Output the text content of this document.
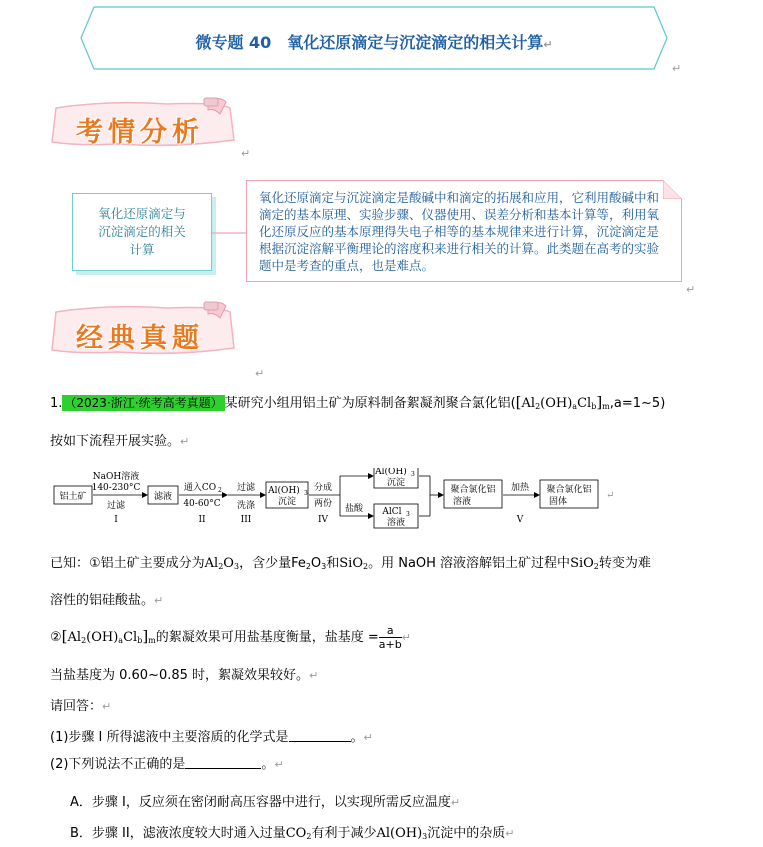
微专题 40　氧化还原滴定与沉淀滴定的相关计算↵
↵
考情分析
↵
氧化还原滴定与
沉淀滴定的相关
计算
氧化还原滴定与沉淀滴定是酸碱中和滴定的拓展和应用，它利用酸碱中和滴定的基本原理、实验步骤、仪器使用、误差分析和基本计算等，利用氧化还原反应的基本原理得失电子相等的基本规律来进行计算，沉淀滴定是根据沉淀溶解平衡理论的溶度积来进行相关的计算。此类题在高考的实验题中是考查的重点，也是难点。
↵
经典真题
↵
1. （2023·浙江·统考高考真题） 某研究小组用铝土矿为原料制备絮凝剂聚合氯化铝$([Al_2(OH)_aCl_b]_m,a=1\sim 5)$
按如下流程开展实验。↵
铝土矿
NaOH溶液
140-230°C
过滤
I
滤液
通入CO 2
40-60°C
II
过滤
洗涤
III
Al(OH) 3
沉淀
分成
两份
IV
盐酸
Al(OH) 3
沉淀
AlCl 3
溶液
聚合氯化铝
溶液
加热
V
聚合氯化铝
固体
↵
已知：①铝土矿主要成分为$Al_2O_3$，含少量$Fe_2O_3$和SiO$_2$。用 NaOH 溶液溶解铝土矿过程中SiO$_2$转变为难
溶性的铝硅酸盐。↵
$②[Al_2(OH)_aCl_b]_m$的絮凝效果可用盐基度衡量，盐基度 = $\frac{a}{a+b}$ ↵
当盐基度为 0.60~0.85 时，絮凝效果较好。↵
请回答：↵
(1)步骤 I 所得滤液中主要溶质的化学式是	。↵
(2)下列说法不正确的是	。↵
A．步骤 I，反应须在密闭耐高压容器中进行，以实现所需反应温度↵
B．步骤 II，滤液浓度较大时通入过量$CO_2$有利于减少$Al(OH)_3$沉淀中的杂质↵
